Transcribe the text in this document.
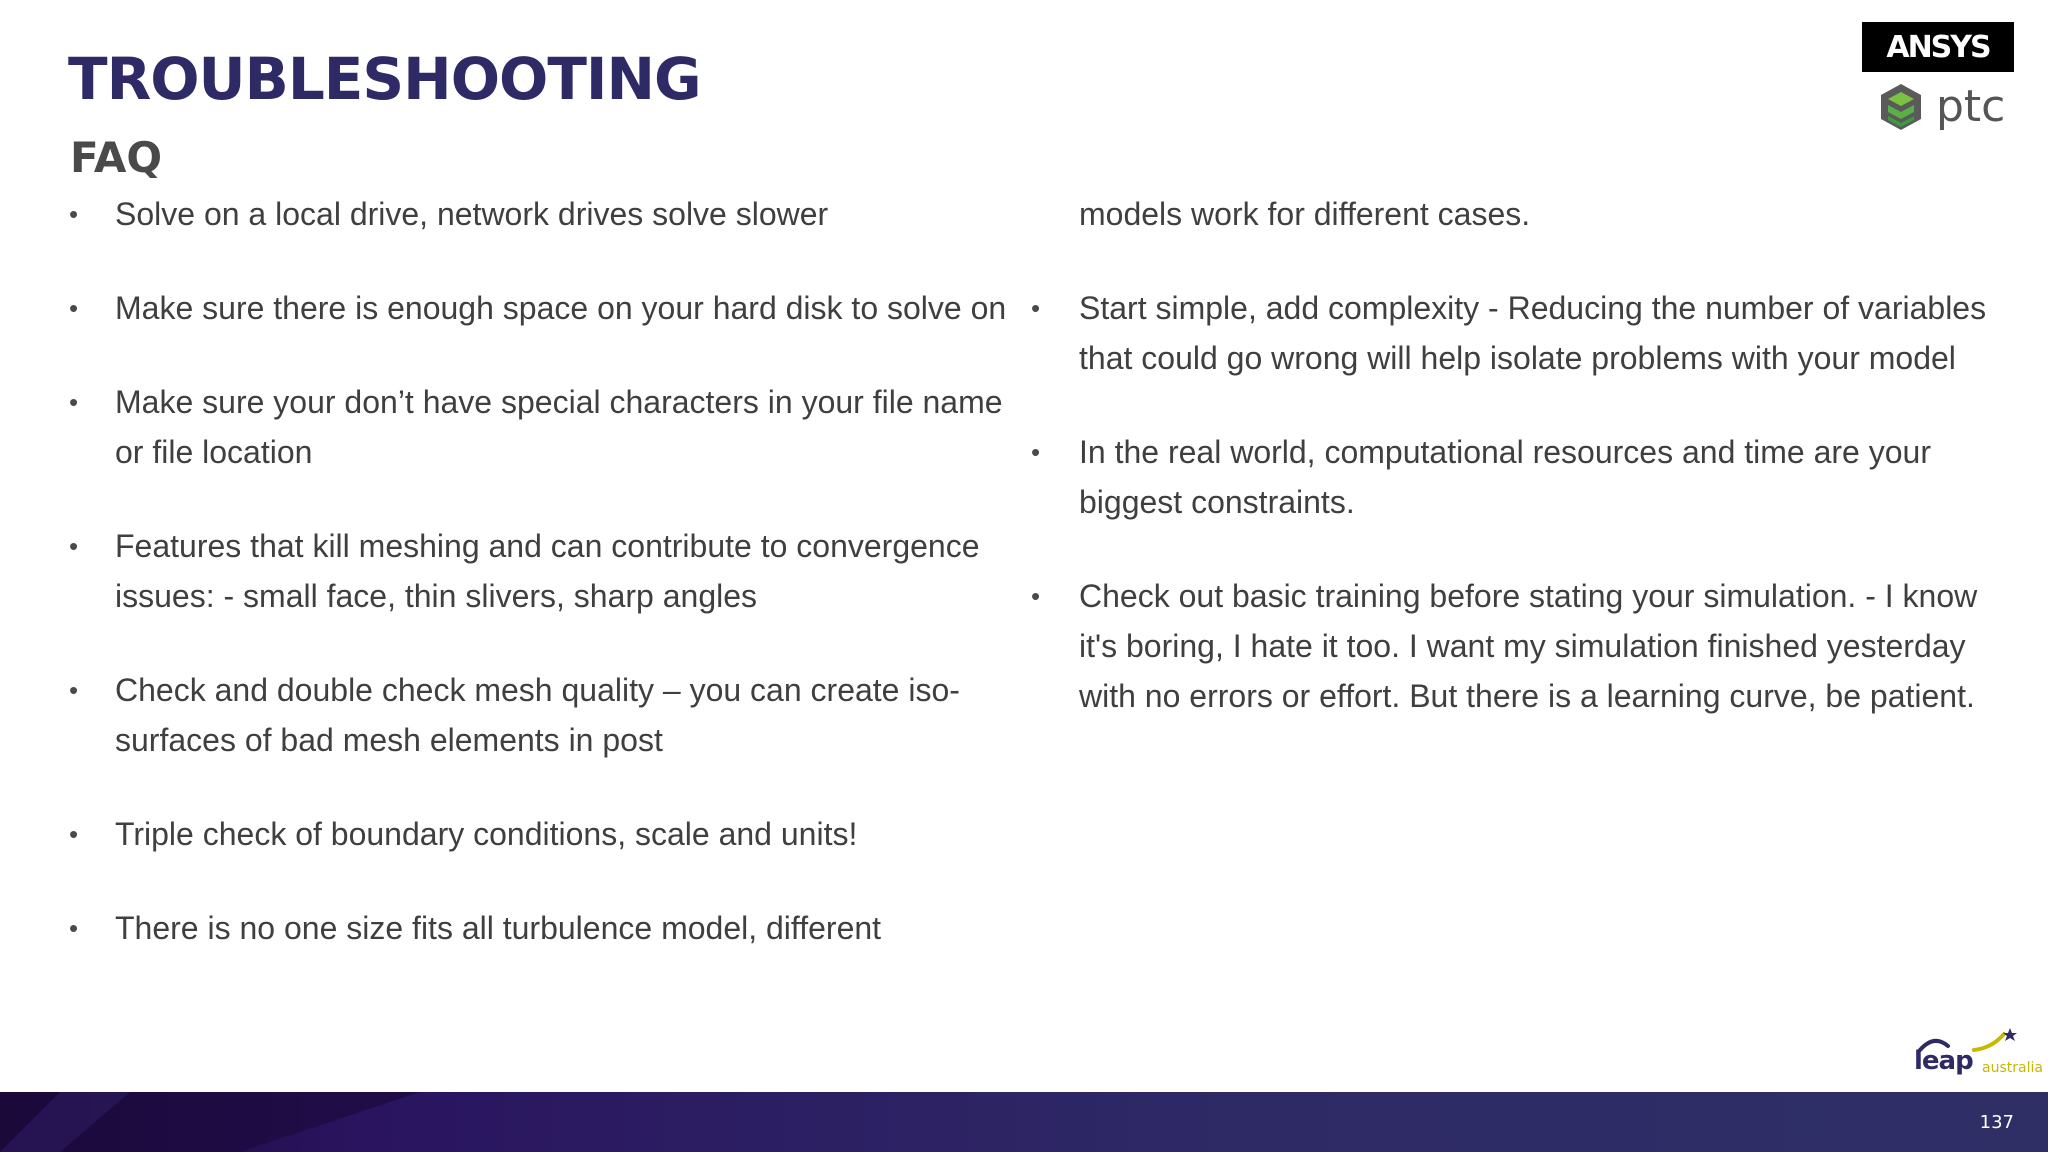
TROUBLESHOOTING
FAQ
ANSYS
ptc
• Solve on a local drive, network drives solve slower
• Make sure there is enough space on your hard disk to solve on
• Make sure your don’t have special characters in your file name or file location
• Features that kill meshing and can contribute to convergence issues: - small face, thin slivers, sharp angles
• Check and double check mesh quality – you can create iso-surfaces of bad mesh elements in post
• Triple check of boundary conditions, scale and units!
• There is no one size fits all turbulence model, different
models work for different cases.
• Start simple, add complexity - Reducing the number of variables that could go wrong will help isolate problems with your model
• In the real world, computational resources and time are your biggest constraints.
• Check out basic training before stating your simulation. - I know it's boring, I hate it too. I want my simulation finished yesterday with no errors or effort. But there is a learning curve, be patient.
leap australia
137
